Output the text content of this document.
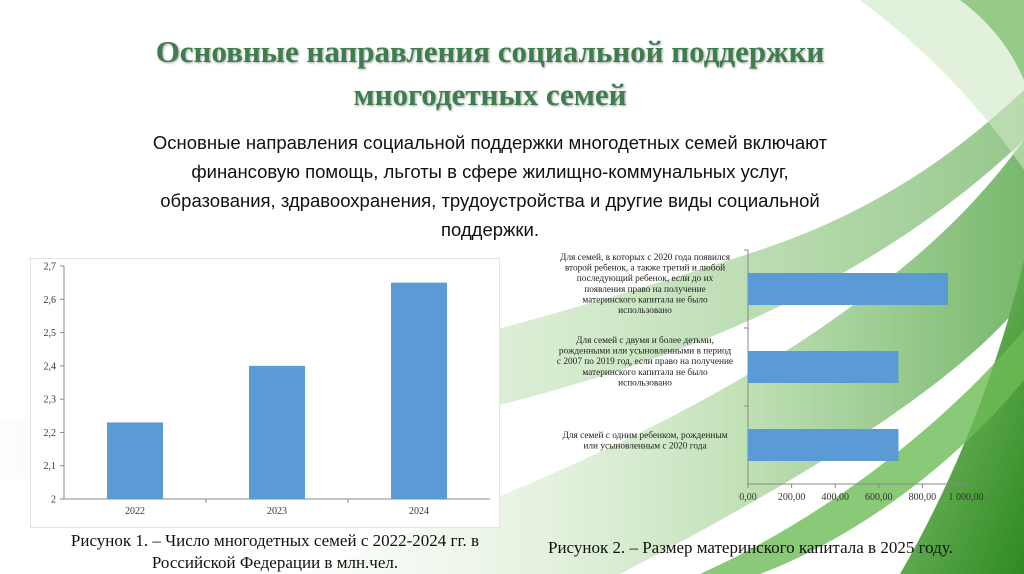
Основные направления социальной поддержки
многодетных семей
Основные направления социальной поддержки многодетных семей включают
финансовую помощь, льготы в сфере жилищно-коммунальных услуг,
образования, здравоохранения, трудоустройства и другие виды социальной
поддержки.
2
2,1
2,2
2,3
2,4
2,5
2,6
2,7
2022	2023	2024
0,00 200,00 400,00 600,00 800,00 1 000,00
Для семей, в которых с 2020 года появился
второй ребенок, а также третий и любой
последующий ребенок, если до их
появления право на получение
материнского капитала не было
использовано
Для семей с двумя и более детьми,
рожденными или усыновленными в период
с 2007 по 2019 год, если право на получение
материнского капитала не было
использовано
Для семей с одним ребенком, рожденным
или усыновленным с 2020 года
Рисунок 1. – Число многодетных семей с 2022-2024 гг. в
Российской Федерации в млн.чел.
Рисунок 2. – Размер материнского капитала в 2025 году.
